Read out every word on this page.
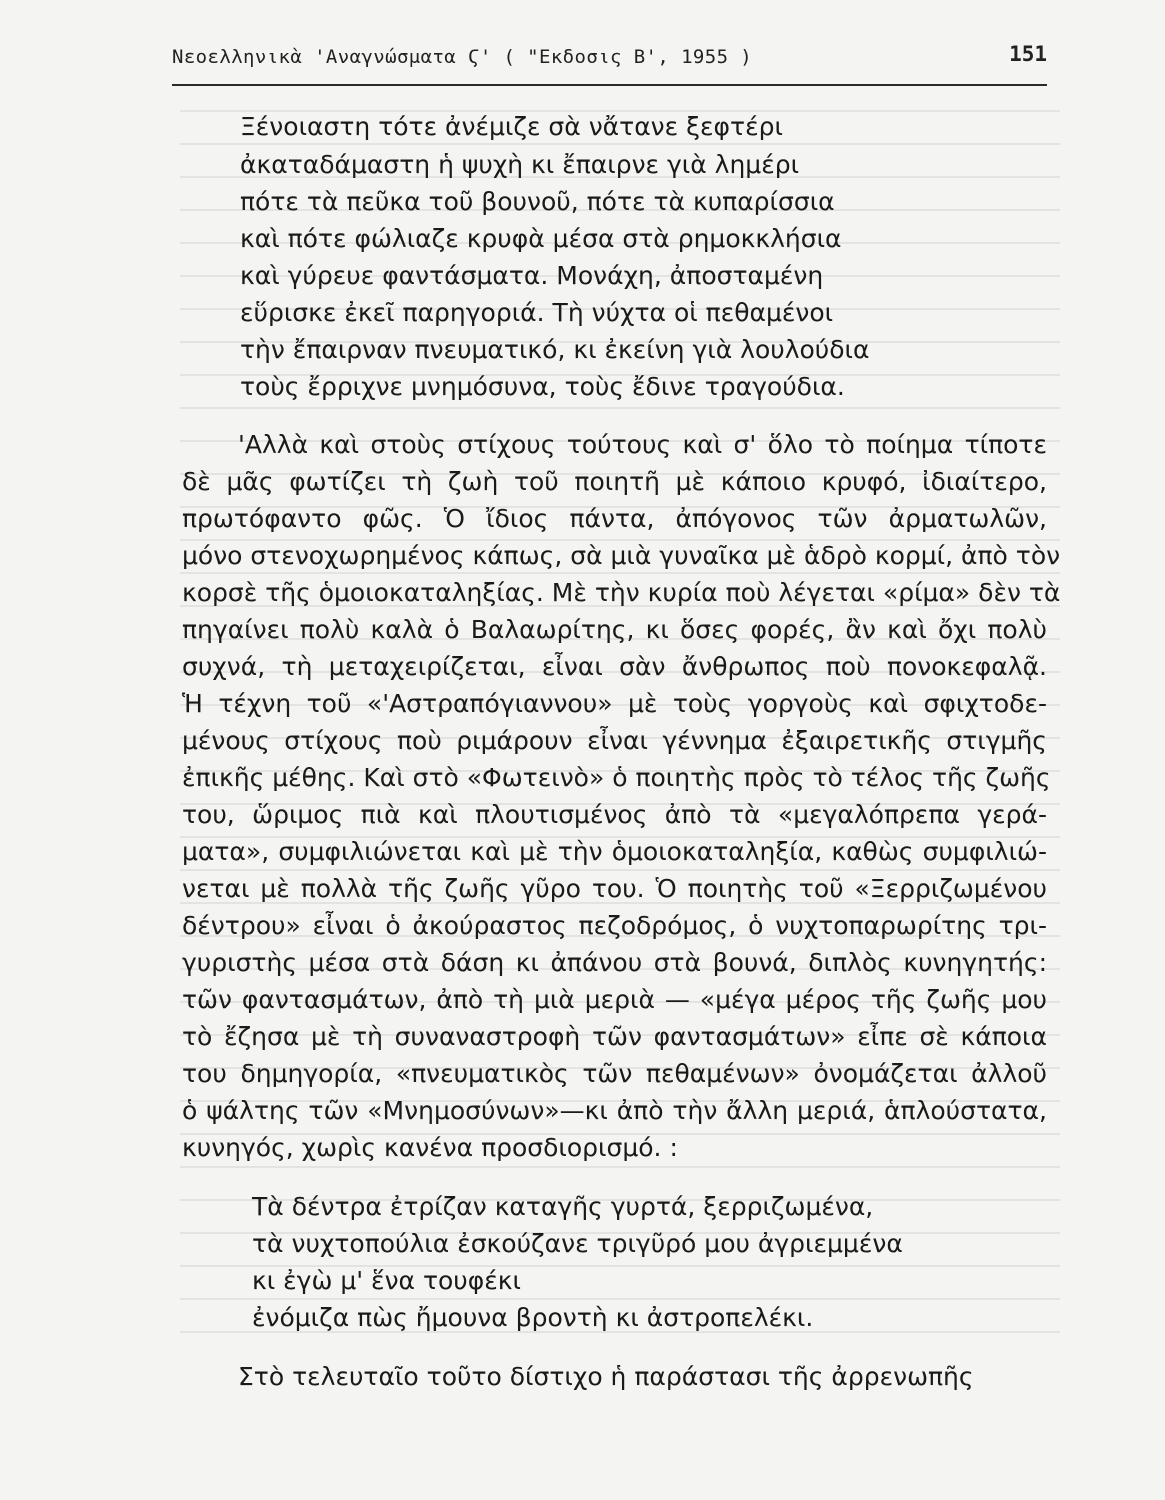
Νεοελληνικὰ 'Αναγνώσματα Ϛ' ( "Εκδοσις Β', 1955 )	151
Ξένοιαστη τότε ἀνέμιζε σὰ νἄτανε ξεφτέρι
ἀκαταδάμαστη ἡ ψυχὴ κι ἔπαιρνε γιὰ λημέρι
πότε τὰ πεῦκα τοῦ βουνοῦ, πότε τὰ κυπαρίσσια
καὶ πότε φώλιαζε κρυφὰ μέσα στὰ ρημοκκλήσια
καὶ γύρευε φαντάσματα. Μονάχη, ἀποσταμένη
εὕρισκε ἐκεῖ παρηγοριά. Τὴ νύχτα οἱ πεθαμένοι
τὴν ἔπαιρναν πνευματικό, κι ἐκείνη γιὰ λουλούδια
τοὺς ἔρριχνε μνημόσυνα, τοὺς ἔδινε τραγούδια.
'Αλλὰ καὶ στοὺς στίχους τούτους καὶ σ' ὅλο τὸ ποίημα τίποτε
δὲ μᾶς φωτίζει τὴ ζωὴ τοῦ ποιητῆ μὲ κάποιο κρυφό, ἰδιαίτερο,
πρωτόφαντο φῶς. Ὁ ἴδιος πάντα, ἀπόγονος τῶν ἀρματωλῶν,
μόνο στενοχωρημένος κάπως, σὰ μιὰ γυναῖκα μὲ ἁδρὸ κορμί, ἀπὸ τὸν
κορσὲ τῆς ὁμοιοκαταληξίας. Μὲ τὴν κυρία ποὺ λέγεται «ρίμα» δὲν τὰ
πηγαίνει πολὺ καλὰ ὁ Βαλαωρίτης, κι ὅσες φορές, ἂν καὶ ὄχι πολὺ
συχνά, τὴ μεταχειρίζεται, εἶναι σὰν ἄνθρωπος ποὺ πονοκεφαλᾷ.
Ἡ τέχνη τοῦ «'Αστραπόγιαννου» μὲ τοὺς γοργοὺς καὶ σφιχτοδε-
μένους στίχους ποὺ ριμάρουν εἶναι γέννημα ἐξαιρετικῆς στιγμῆς
ἐπικῆς μέθης. Καὶ στὸ «Φωτεινὸ» ὁ ποιητὴς πρὸς τὸ τέλος τῆς ζωῆς
του, ὥριμος πιὰ καὶ πλουτισμένος ἀπὸ τὰ «μεγαλόπρεπα γερά-
ματα», συμφιλιώνεται καὶ μὲ τὴν ὁμοιοκαταληξία, καθὼς συμφιλιώ-
νεται μὲ πολλὰ τῆς ζωῆς γῦρο του. Ὁ ποιητὴς τοῦ «Ξερριζωμένου
δέντρου» εἶναι ὁ ἀκούραστος πεζοδρόμος, ὁ νυχτοπαρωρίτης τρι-
γυριστὴς μέσα στὰ δάση κι ἀπάνου στὰ βουνά, διπλὸς κυνηγητής:
τῶν φαντασμάτων, ἀπὸ τὴ μιὰ μεριὰ — «μέγα μέρος τῆς ζωῆς μου
τὸ ἔζησα μὲ τὴ συναναστροφὴ τῶν φαντασμάτων» εἶπε σὲ κάποια
του δημηγορία, «πνευματικὸς τῶν πεθαμένων» ὀνομάζεται ἀλλοῦ
ὁ ψάλτης τῶν «Μνημοσύνων»—κι ἀπὸ τὴν ἄλλη μεριά, ἁπλούστατα,
κυνηγός, χωρὶς κανένα προσδιορισμό. :
Τὰ δέντρα ἐτρίζαν καταγῆς γυρτά, ξερριζωμένα,
τὰ νυχτοπούλια ἐσκούζανε τριγῦρό μου ἀγριεμμένα
κι ἐγὼ μ' ἕνα τουφέκι
ἐνόμιζα πὼς ἤμουνα βροντὴ κι ἀστροπελέκι.
Στὸ τελευταῖο τοῦτο δίστιχο ἡ παράστασι τῆς ἀρρενωπῆς
